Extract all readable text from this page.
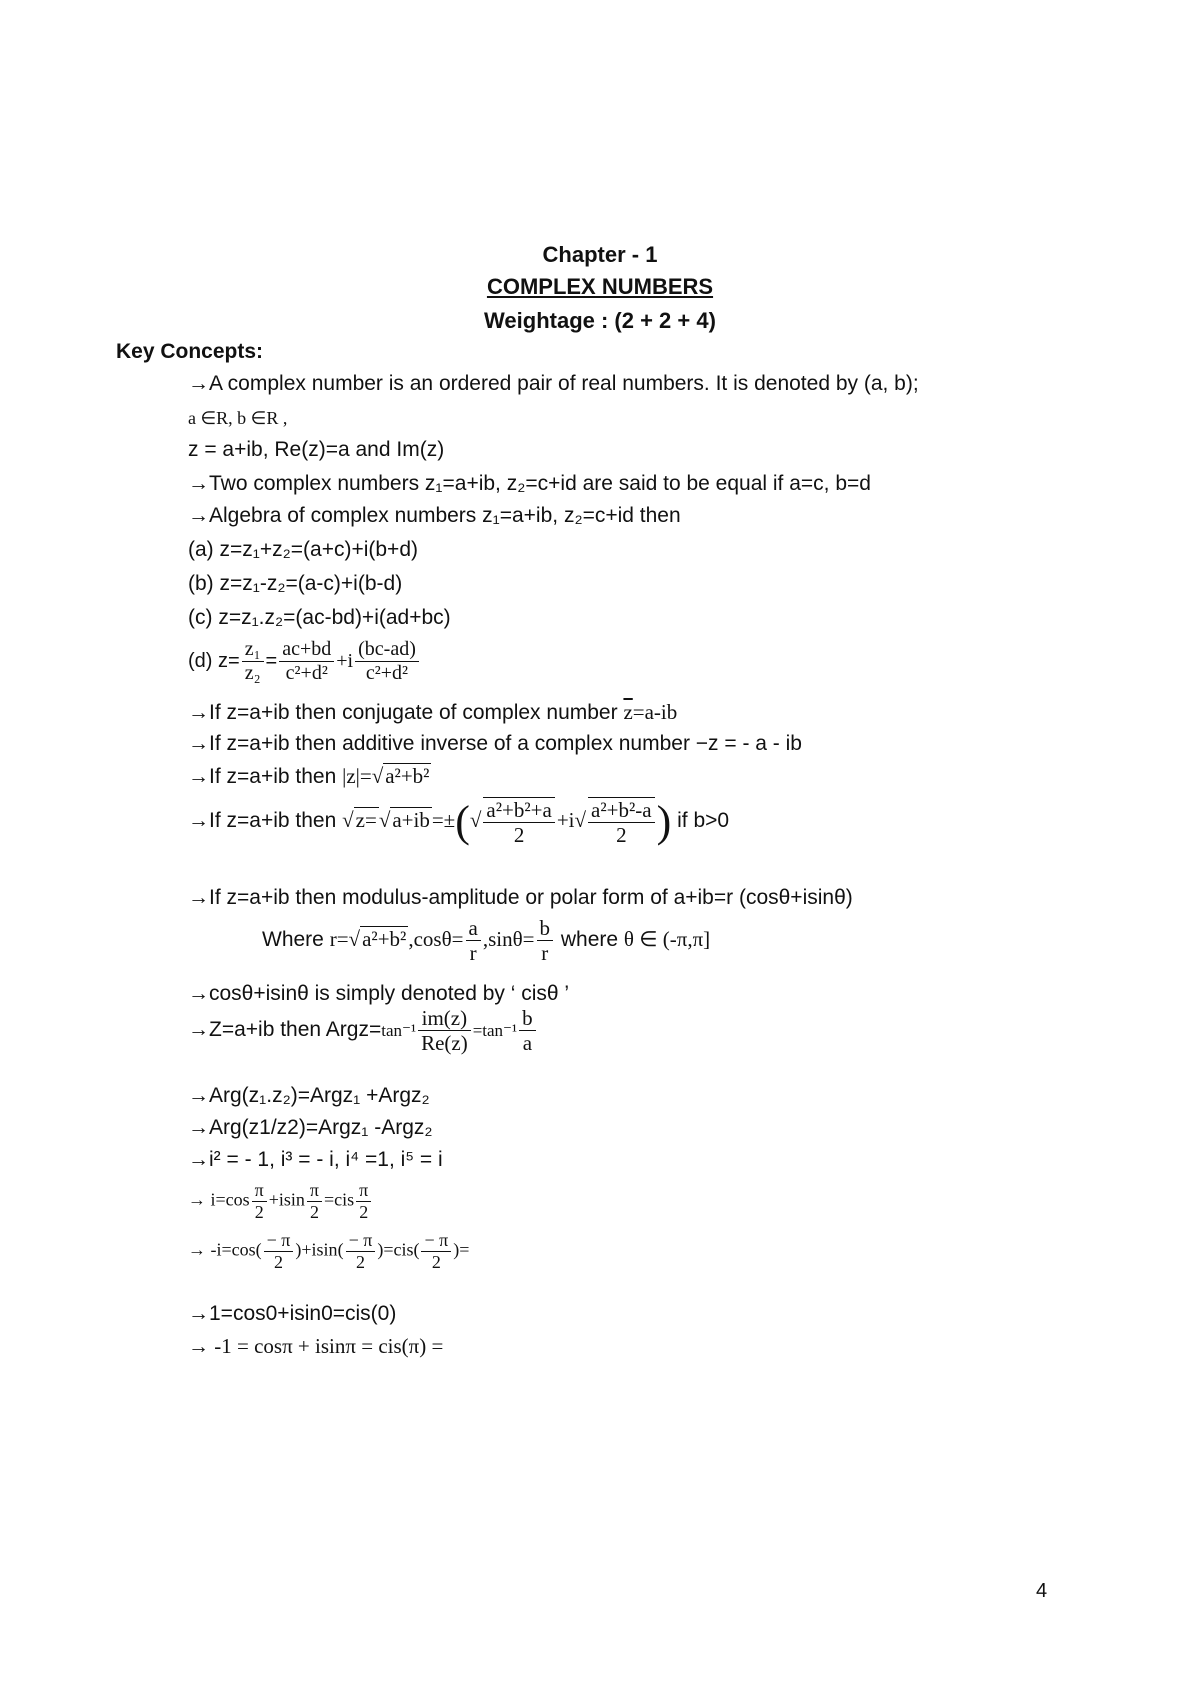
Chapter - 1
COMPLEX NUMBERS
Weightage : (2 + 2 + 4)
Key Concepts:
→A complex number is an ordered pair of real numbers. It is denoted by (a, b);
a ∈R, b ∈R ,
z = a+ib, Re(z)=a and Im(z)
→Two complex numbers z₁=a+ib, z₂=c+id are said to be equal if a=c, b=d
→Algebra of complex numbers z₁=a+ib, z₂=c+id then
(a) z=z₁+z₂=(a+c)+i(b+d)
(b) z=z₁-z₂=(a-c)+i(b-d)
(c) z=z₁.z₂=(ac-bd)+i(ad+bc)
(d) $z= \frac{\text{z₁}}{\text{z₂}} = \frac{ac+bd}{\text{c²+d²}} +i \frac{(bc-ad)}{\text{c²+d²}}$
→If z=a+ib then conjugate of complex number $\overline{z}=a-ib$
→If z=a+ib then additive inverse of a complex number −z = - a - ib
→If z=a+ib then |z|=√a²+b²
→If z=a+ib then $√z=√a+ib=\pm(√ \frac{\text{a²+b²+a}}{2} +i√ \frac{\text{a²+b²-a}}{2}$ ) if b>0
→If z=a+ib then modulus-amplitude or polar form of a+ib=r (cosθ+isinθ)
Where $r=√a^2+b^2,\cos\theta= \frac{a}{r} ,\sin\theta= \frac{b}{r}$ where θ ∈ (-π,π]
→cosθ+isinθ is simply denoted by ‘ cisθ ’
→Z=a+ib then Argz=tan⁻¹ $\frac{im(z)}{Re(z)} =\tan^{-1} \frac{b}{a}$
→Arg(z₁.z₂)=Argz₁ +Argz₂
→Arg(z1/z2)=Argz₁ -Argz₂
→i² = - 1, i³ = - i, i⁴ =1, i⁵ = i
→ $i=\cos \frac{\pi}{2} +isin \frac{\pi}{2} =cis \frac{\pi}{2}$
→ $-i=\cos( \frac{- \pi}{2} )+isin( \frac{- \pi}{2} )=cis( \frac{- \pi}{2}$ )=
→1=cos0+isin0=cis(0)
→ -1 = cosπ + isinπ = cis(π) =
4
